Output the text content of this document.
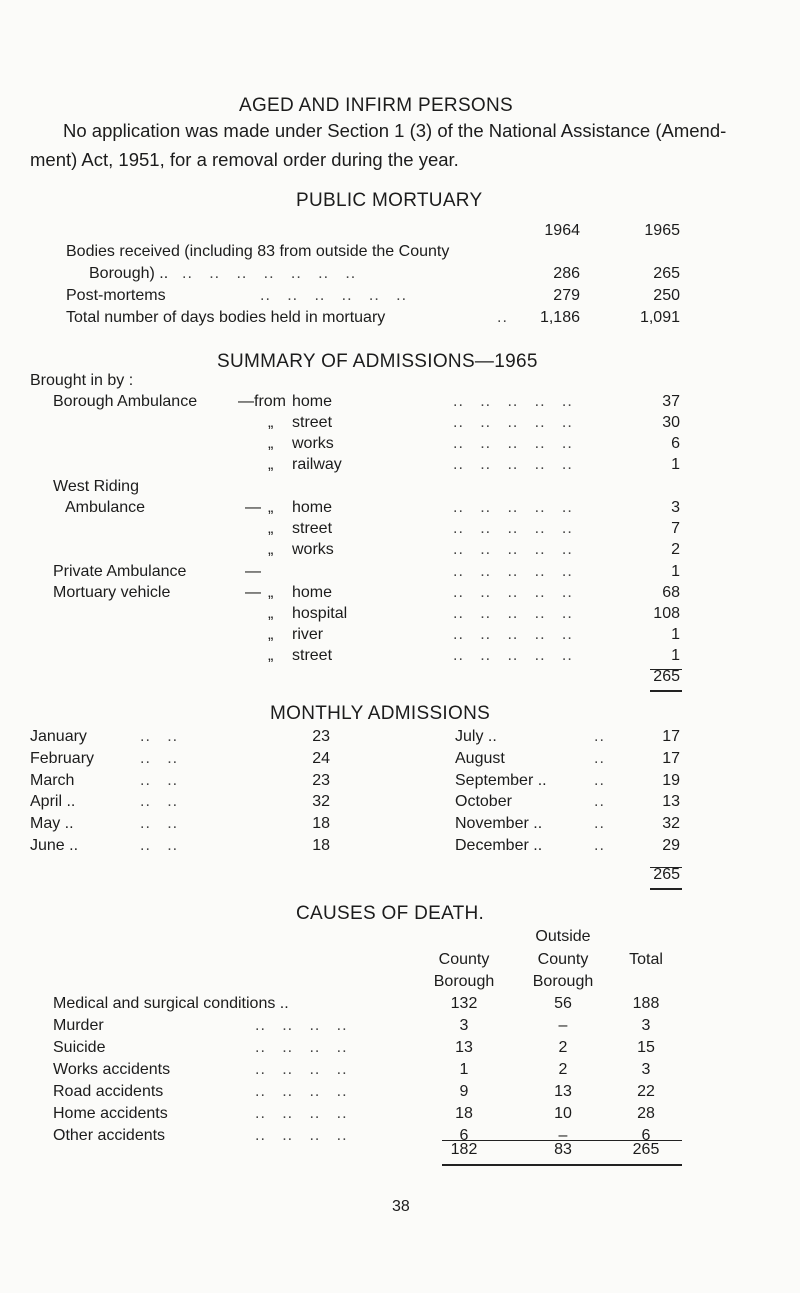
AGED AND INFIRM PERSONS
No application was made under Section 1 (3) of the National Assistance (Amend-
ment) Act, 1951, for a removal order during the year.
PUBLIC MORTUARY
1964	1965
Bodies received (including 83 from outside the County
Borough) .. ..   ..   ..   ..   ..   ..   ..	286	265
Post-mortems	..   ..   ..   ..   ..   ..	279	250
Total number of days bodies held in mortuary	..	1,186	1,091
SUMMARY OF ADMISSIONS—1965
Brought in by :
Borough Ambulance	—from home	..   ..   ..   ..   ..	37
„ street	..   ..   ..   ..   ..	30
„ works	..   ..   ..   ..   ..	6
„ railway	..   ..   ..   ..   ..	1
West Riding
Ambulance	— „ home	..   ..   ..   ..   ..	3
„ street	..   ..   ..   ..   ..	7
„ works	..   ..   ..   ..   ..	2
Private Ambulance	—	..   ..   ..   ..   ..	1
Mortuary vehicle	— „ home	..   ..   ..   ..   ..	68
„ hospital	..   ..   ..   ..   ..	108
„ river	..   ..   ..   ..   ..	1
„ street	..   ..   ..   ..   ..	1
265
MONTHLY ADMISSIONS
January	..   ..	23
February	..   ..	24
March	..   ..	23
April ..	..   ..	32
May ..	..   ..	18
June ..	..   ..	18
July ..	..	17
August	..	17
September ..	..	19
October	..	13
November ..	..	32
December ..	..	29
265
CAUSES OF DEATH.
Outside
County	County	Total
Borough	Borough
Medical and surgical conditions ..	132	56	188
Murder	..   ..   ..   ..	3	–	3
Suicide	..   ..   ..   ..	13	2	15
Works accidents	..   ..   ..   ..	1	2	3
Road accidents	..   ..   ..   ..	9	13	22
Home accidents	..   ..   ..   ..	18	10	28
Other accidents	..   ..   ..   ..	6	–	6
182	83	265
38
